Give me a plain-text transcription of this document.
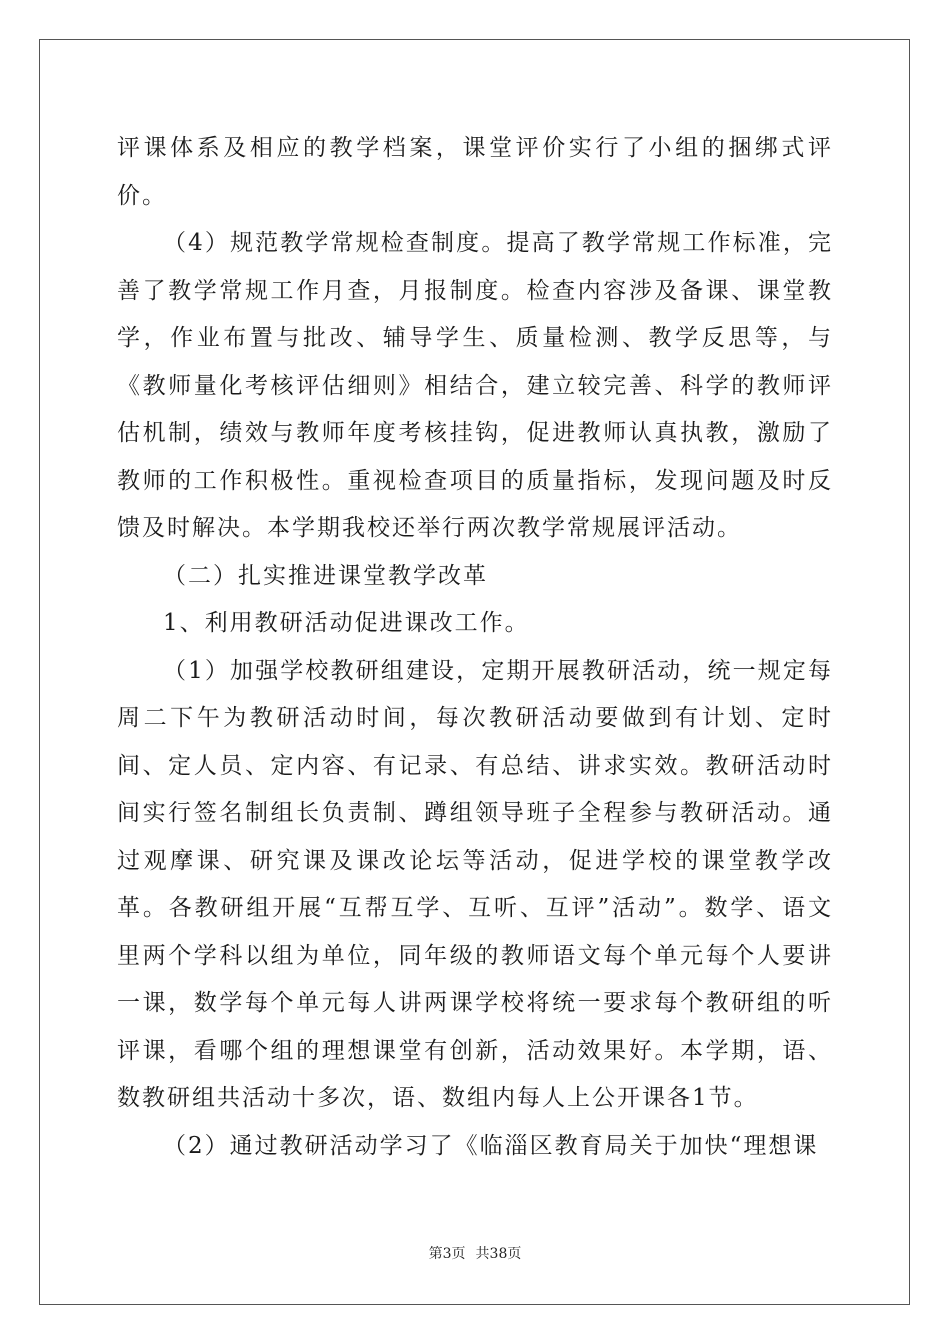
评课体系及相应的教学档案，课堂评价实行了小组的捆绑式评价。

（4）规范教学常规检查制度。提高了教学常规工作标准，完善了教学常规工作月查，月报制度。检查内容涉及备课、课堂教学，作业布置与批改、辅导学生、质量检测、教学反思等，与《教师量化考核评估细则》相结合，建立较完善、科学的教师评估机制，绩效与教师年度考核挂钩，促进教师认真执教，激励了教师的工作积极性。重视检查项目的质量指标，发现问题及时反馈及时解决。本学期我校还举行两次教学常规展评活动。

（二）扎实推进课堂教学改革

1、利用教研活动促进课改工作。

（1）加强学校教研组建设，定期开展教研活动，统一规定每周二下午为教研活动时间，每次教研活动要做到有计划、定时间、定人员、定内容、有记录、有总结、讲求实效。教研活动时间实行签名制组长负责制、蹲组领导班子全程参与教研活动。通过观摩课、研究课及课改论坛等活动，促进学校的课堂教学改革。各教研组开展“互帮互学、互听、互评”活动”。数学、语文里两个学科以组为单位，同年级的教师语文每个单元每个人要讲一课，数学每个单元每人讲两课学校将统一要求每个教研组的听评课，看哪个组的理想课堂有创新，活动效果好。本学期，语、数教研组共活动十多次，语、数组内每人上公开课各1节。

（2）通过教研活动学习了《临淄区教育局关于加快“理想课

第3页 共38页
